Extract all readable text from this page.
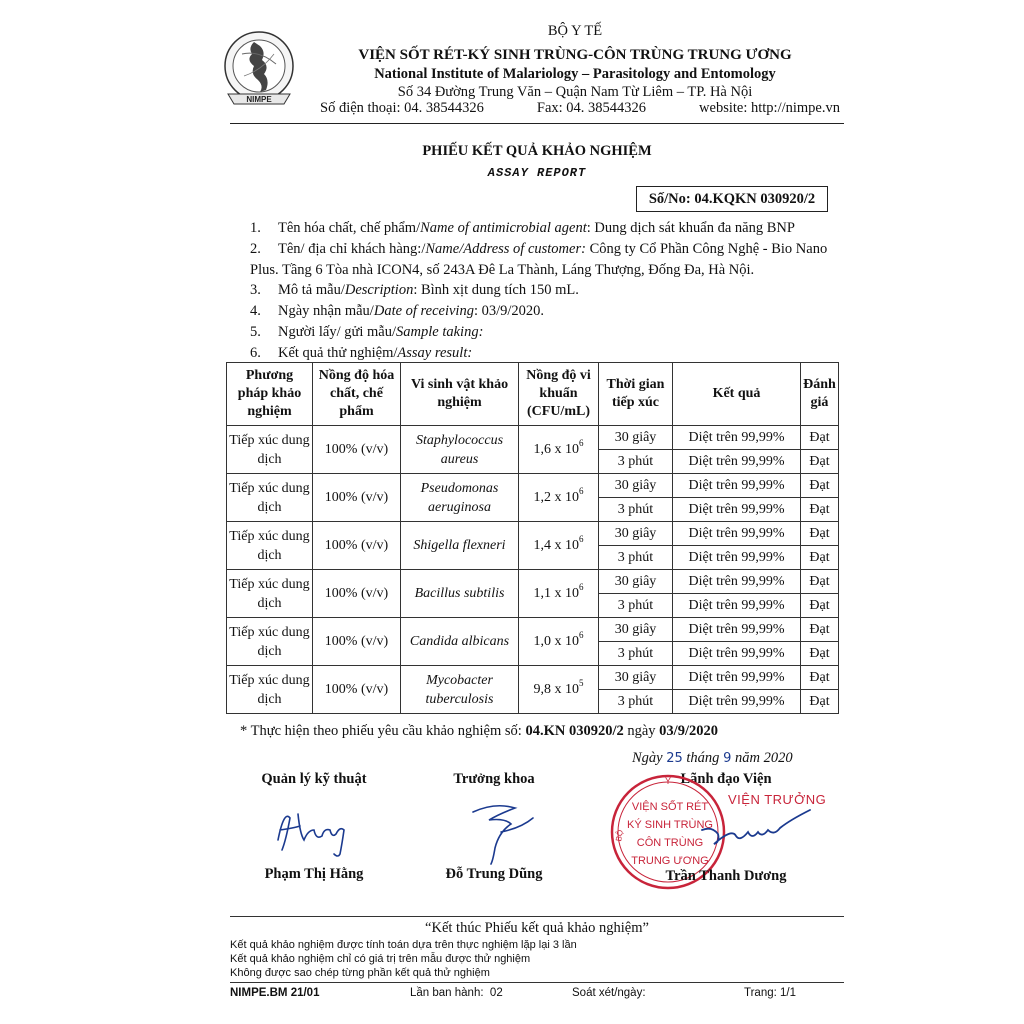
NIMPE
BỘ Y TẾ
VIỆN SỐT RÉT-KÝ SINH TRÙNG-CÔN TRÙNG TRUNG ƯƠNG
National Institute of Malariology – Parasitology and Entomology
Số 34 Đường Trung Văn – Quận Nam Từ Liêm – TP. Hà Nội
Số điện thoại: 04. 38544326	Fax: 04. 38544326	website: http://nimpe.vn
PHIẾU KẾT QUẢ KHẢO NGHIỆM
ASSAY REPORT
Số/No: 04.KQKN 030920/2
1.	Tên hóa chất, chế phẩm/Name of antimicrobial agent: Dung dịch sát khuẩn đa năng BNP
2.	Tên/ địa chỉ khách hàng:/Name/Address of customer: Công ty Cổ Phần Công Nghệ - Bio Nano
Plus. Tầng 6 Tòa nhà ICON4, số 243A Đê La Thành, Láng Thượng, Đống Đa, Hà Nội.
3.	Mô tả mẫu/Description: Bình xịt dung tích 150 mL.
4.	Ngày nhận mẫu/Date of receiving: 03/9/2020.
5.	Người lấy/ gửi mẫu/Sample taking:
6.	Kết quả thử nghiệm/Assay result:
Phương pháp khảo nghiệm	Nồng độ hóa chất, chế phẩm	Vi sinh vật khảo nghiệm	Nồng độ vi khuẩn (CFU/mL)	Thời gian tiếp xúc	Kết quả	Đánh giá
Tiếp xúc dung dịch	100% (v/v)	Staphylococcus aureus	1,6 x $10^6$	30 giây	Diệt trên 99,99%	Đạt
				3 phút	Diệt trên 99,99%	Đạt
Tiếp xúc dung dịch	100% (v/v)	Pseudomonas aeruginosa	1,2 x $10^6$	30 giây	Diệt trên 99,99%	Đạt
				3 phút	Diệt trên 99,99%	Đạt
Tiếp xúc dung dịch	100% (v/v)	Shigella flexneri	1,4 x $10^6$	30 giây	Diệt trên 99,99%	Đạt
				3 phút	Diệt trên 99,99%	Đạt
Tiếp xúc dung dịch	100% (v/v)	Bacillus subtilis	1,1 x $10^6$	30 giây	Diệt trên 99,99%	Đạt
				3 phút	Diệt trên 99,99%	Đạt
Tiếp xúc dung dịch	100% (v/v)	Candida albicans	1,0 x $10^6$	30 giây	Diệt trên 99,99%	Đạt
				3 phút	Diệt trên 99,99%	Đạt
Tiếp xúc dung dịch	100% (v/v)	Mycobacter tuberculosis	9,8 x $10^5$	30 giây	Diệt trên 99,99%	Đạt
				3 phút	Diệt trên 99,99%	Đạt
* Thực hiện theo phiếu yêu cầu khảo nghiệm số: 04.KN 030920/2 ngày 03/9/2020
Ngày 25 tháng 9 năm 2020
Quản lý kỹ thuật	Trưởng khoa	Lãnh đạo Viện
Y
BỘ
VIỆN SỐT RÉT
KÝ SINH TRÙNG
CÔN TRÙNG
TRUNG ƯƠNG
VIỆN TRƯỞNG
Phạm Thị Hằng	Đỗ Trung Dũng	Trần Thanh Dương
“Kết thúc Phiếu kết quả khảo nghiệm”
Kết quả khảo nghiệm được tính toán dựa trên thực nghiệm lặp lại 3 lần
Kết quả khảo nghiệm chỉ có giá trị trên mẫu được thử nghiệm
Không được sao chép từng phần kết quả thử nghiệm
NIMPE.BM 21/01	Lần ban hành:  02	Soát xét/ngày:	Trang: 1/1
